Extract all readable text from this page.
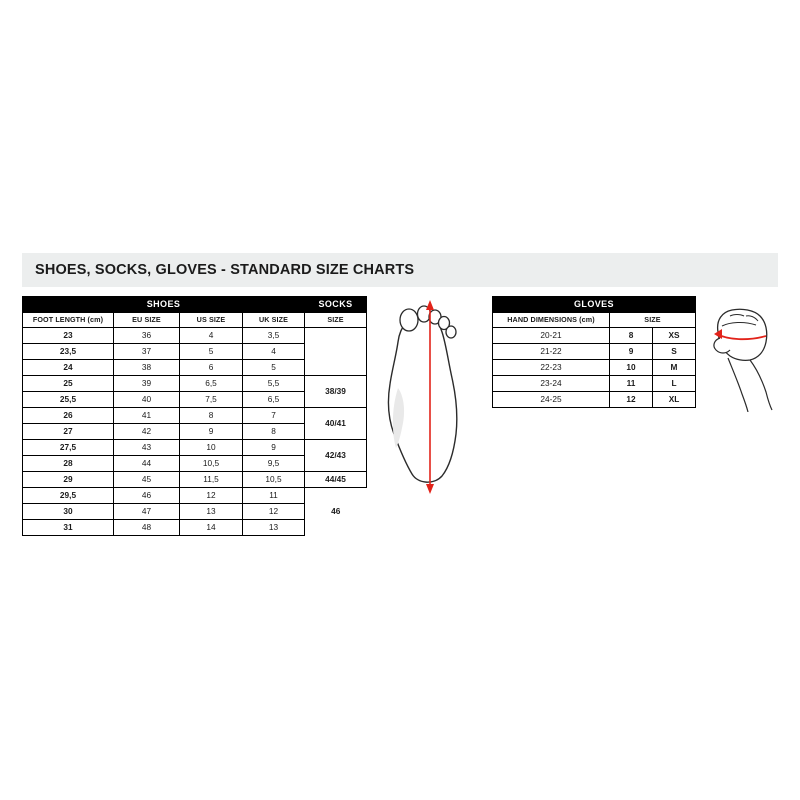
SHOES, SOCKS, GLOVES - STANDARD SIZE CHARTS
SHOES				SOCKS
FOOT LENGTH (cm)	EU SIZE	US SIZE	UK SIZE	SIZE
23	36	4	3,5	
23,5	37	5	4	
24	38	6	5	
25	39	6,5	5,5	38/39
25,5	40	7,5	6,5	
26	41	8	7	40/41
27	42	9	8	
27,5	43	10	9	42/43
28	44	10,5	9,5	
29	45	11,5	10,5	44/45
29,5	46	12	11	46
30	47	13	12	
31	48	14	13	
GLOVES		
HAND DIMENSIONS (cm)	SIZE	
20-21	8	XS
21-22	9	S
22-23	10	M
23-24	11	L
24-25	12	XL
